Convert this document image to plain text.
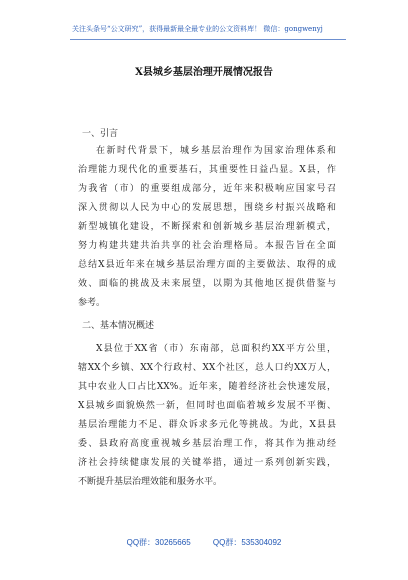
关注头条号“公文研究”，获得最新最全最专业的公文资料库！ 微信：gongwenyj
X县城乡基层治理开展情况报告
一、引言
在新时代背景下，城乡基层治理作为国家治理体系和
治理能力现代化的重要基石，其重要性日益凸显。X县，作
为我省（市）的重要组成部分，近年来积极响应国家号召
深入贯彻以人民为中心的发展思想，围绕乡村振兴战略和
新型城镇化建设，不断探索和创新城乡基层治理新模式，
努力构建共建共治共享的社会治理格局。本报告旨在全面
总结X县近年来在城乡基层治理方面的主要做法、取得的成
效、面临的挑战及未来展望，以期为其他地区提供借鉴与
参考。
二、基本情况概述
X县位于XX省（市）东南部，总面积约XX平方公里，
辖XX个乡镇、XX个行政村、XX个社区，总人口约XX万人，
其中农业人口占比XX%。近年来，随着经济社会快速发展，
X县城乡面貌焕然一新，但同时也面临着城乡发展不平衡、
基层治理能力不足、群众诉求多元化等挑战。为此，X县县
委、县政府高度重视城乡基层治理工作，将其作为推动经
济社会持续健康发展的关键举措，通过一系列创新实践，
不断提升基层治理效能和服务水平。
QQ群：30265665	QQ群：535304092
